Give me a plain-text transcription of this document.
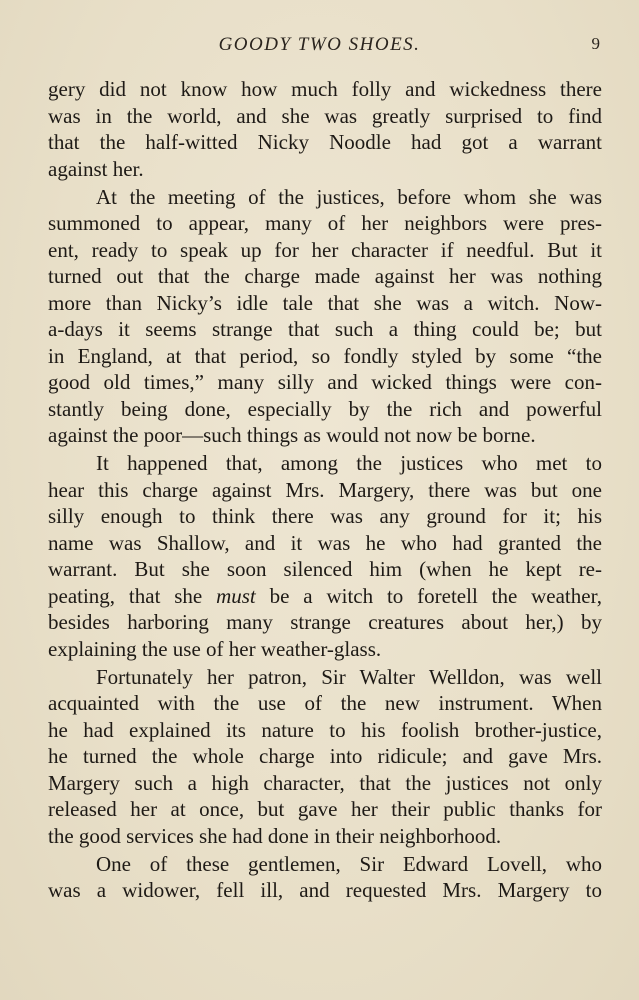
GOODY TWO SHOES.	9
gery did not know how much folly and wickedness there
was in the world, and she was greatly surprised to find
that the half-witted Nicky Noodle had got a warrant
against her.
At the meeting of the justices, before whom she was
summoned to appear, many of her neighbors were pres-
ent, ready to speak up for her character if needful. But it
turned out that the charge made against her was nothing
more than Nicky’s idle tale that she was a witch. Now-
a-days it seems strange that such a thing could be; but
in England, at that period, so fondly styled by some “the
good old times,” many silly and wicked things were con-
stantly being done, especially by the rich and powerful
against the poor—such things as would not now be borne.
It happened that, among the justices who met to
hear this charge against Mrs. Margery, there was but one
silly enough to think there was any ground for it; his
name was Shallow, and it was he who had granted the
warrant. But she soon silenced him (when he kept re-
peating, that she must be a witch to foretell the weather,
besides harboring many strange creatures about her,) by
explaining the use of her weather-glass.
Fortunately her patron, Sir Walter Welldon, was well
acquainted with the use of the new instrument. When
he had explained its nature to his foolish brother-justice,
he turned the whole charge into ridicule; and gave Mrs.
Margery such a high character, that the justices not only
released her at once, but gave her their public thanks for
the good services she had done in their neighborhood.
One of these gentlemen, Sir Edward Lovell, who
was a widower, fell ill, and requested Mrs. Margery to
